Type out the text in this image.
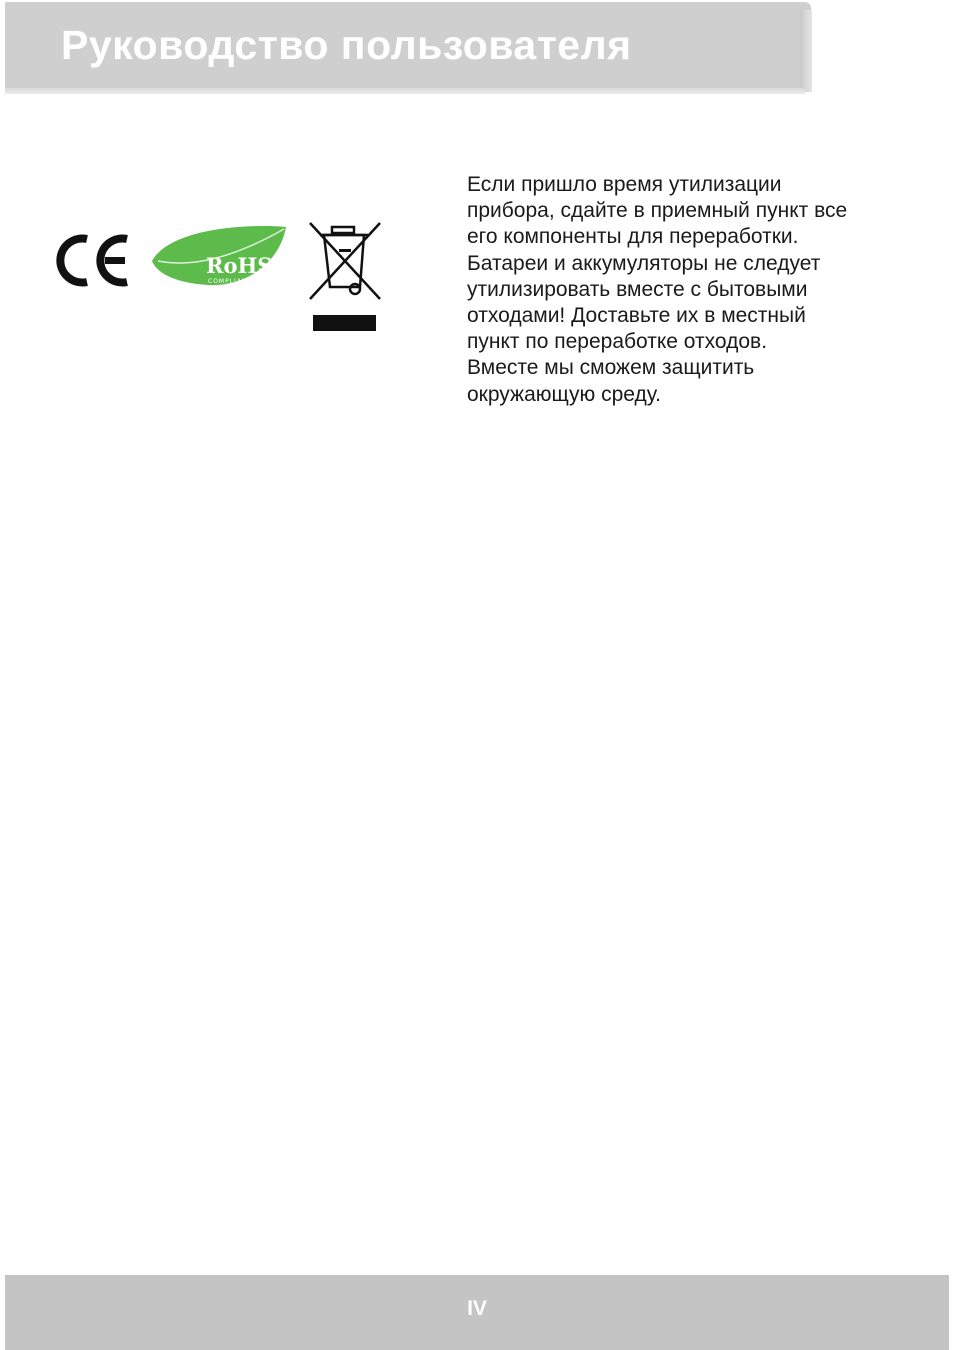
Руководство пользователя
RoHS
COMPLIANT

Если пришло время утилизации
прибора, сдайте в приемный пункт все
его компоненты для переработки.
Батареи и аккумуляторы не следует
утилизировать вместе с бытовыми
отходами! Доставьте их в местный
пункт по переработке отходов.
Вместе мы сможем защитить
окружающую среду.

IV
